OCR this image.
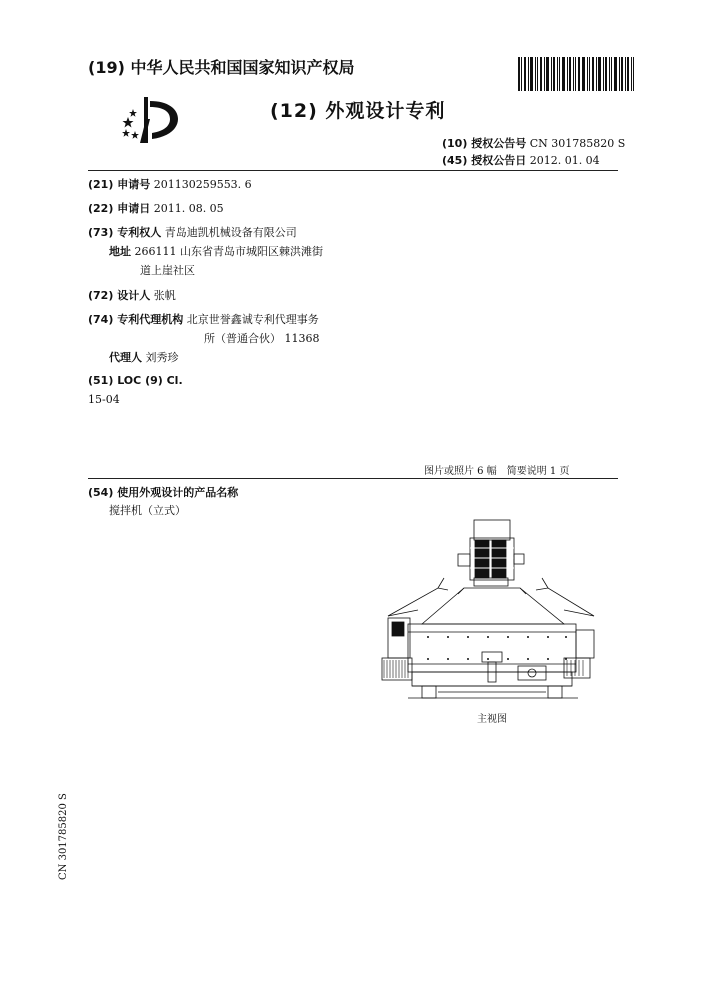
(19) 中华人民共和国国家知识产权局
(12) 外观设计专利
(10) 授权公告号 CN 301785820 S
(45) 授权公告日 2012. 01. 04
(21) 申请号 201130259553. 6
(22) 申请日 2011. 08. 05
(73) 专利权人 青岛迪凯机械设备有限公司
地址 266111 山东省青岛市城阳区棘洪滩街
道上崖社区
(72) 设计人 张帆
(74) 专利代理机构 北京世誉鑫诚专利代理事务
所（普通合伙） 11368
代理人 刘秀珍
(51) LOC (9) Cl.
15-04
图片或照片 6 幅　简要说明 1 页
(54) 使用外观设计的产品名称
搅拌机（立式）
主视图
CN 301785820 S
